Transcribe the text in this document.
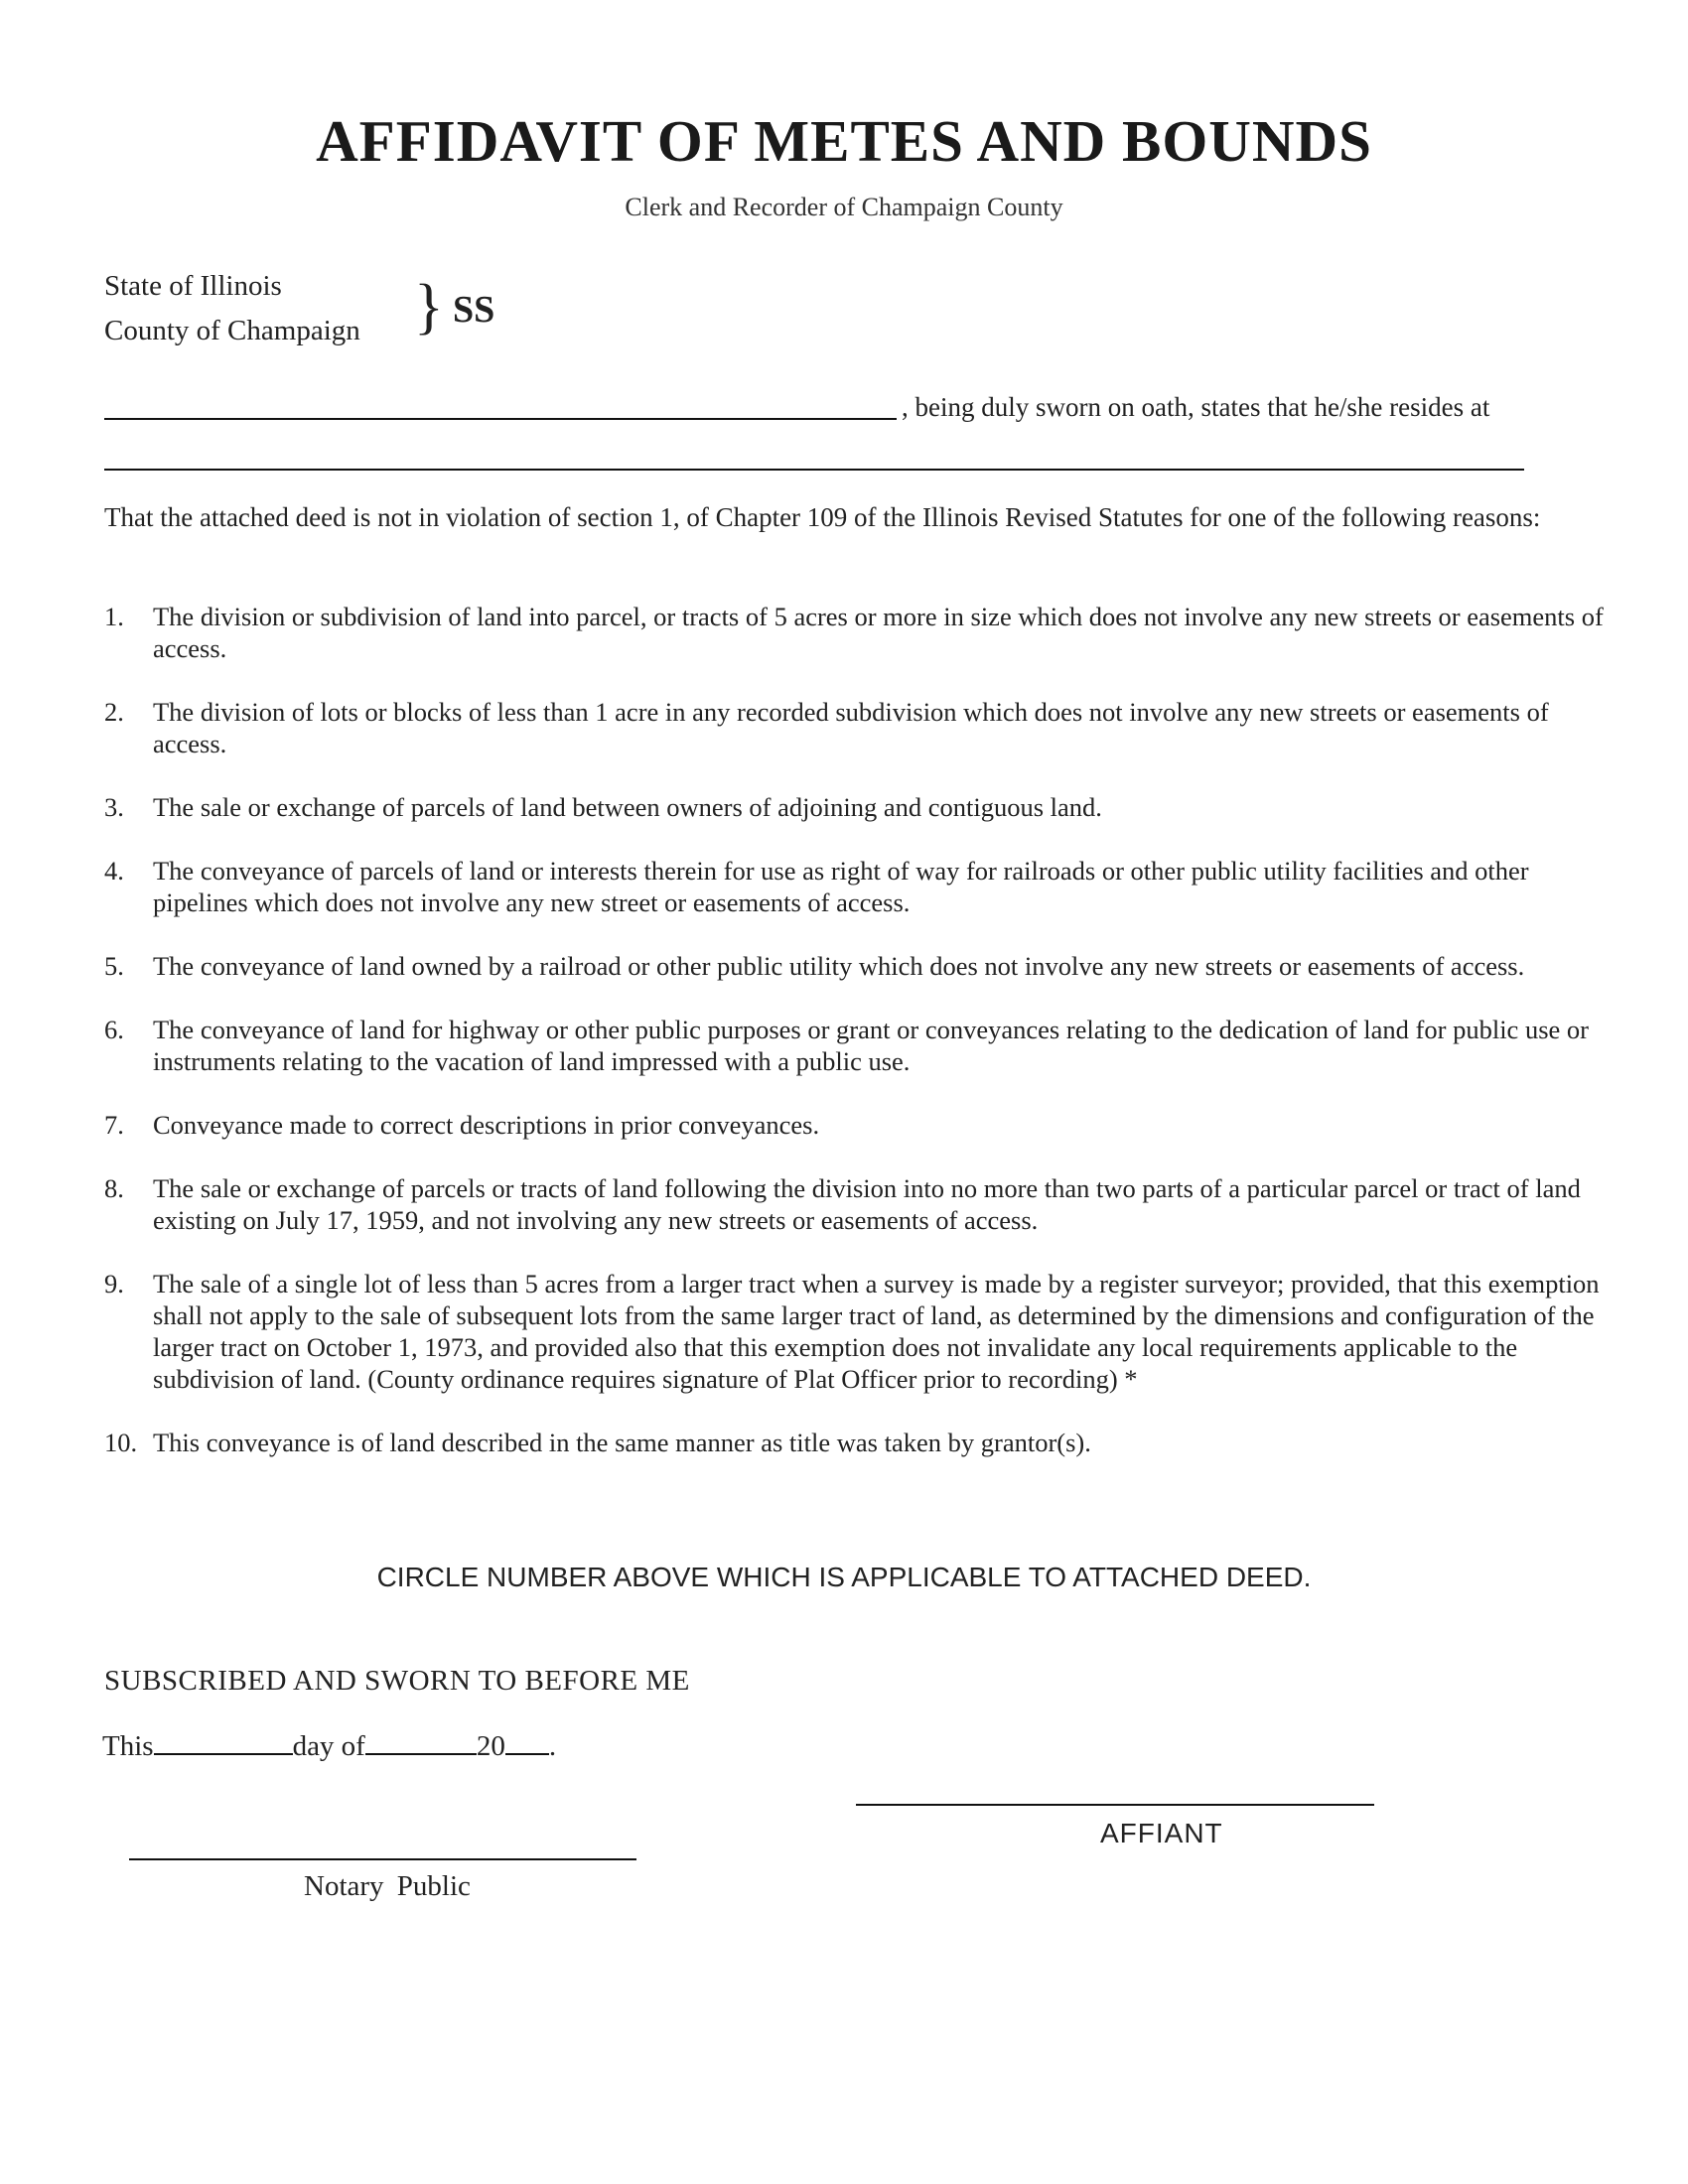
AFFIDAVIT OF METES AND BOUNDS
Clerk and Recorder of Champaign County
State of Illinois
County of Champaign } SS
, being duly sworn on oath, states that he/she resides at
That the attached deed is not in violation of section 1, of Chapter 109 of the Illinois Revised Statutes for one of the following reasons:
1. The division or subdivision of land into parcel, or tracts of 5 acres or more in size which does not involve any new streets or easements of access.
2. The division of lots or blocks of less than 1 acre in any recorded subdivision which does not involve any new streets or easements of access.
3. The sale or exchange of parcels of land between owners of adjoining and contiguous land.
4. The conveyance of parcels of land or interests therein for use as right of way for railroads or other public utility facilities and other pipelines which does not involve any new street or easements of access.
5. The conveyance of land owned by a railroad or other public utility which does not involve any new streets or easements of access.
6. The conveyance of land for highway or other public purposes or grant or conveyances relating to the dedication of land for public use or instruments relating to the vacation of land impressed with a public use.
7. Conveyance made to correct descriptions in prior conveyances.
8. The sale or exchange of parcels or tracts of land following the division into no more than two parts of a particular parcel or tract of land existing on July 17, 1959, and not involving any new streets or easements of access.
9. The sale of a single lot of less than 5 acres from a larger tract when a survey is made by a register surveyor; provided, that this exemption shall not apply to the sale of subsequent lots from the same larger tract of land, as determined by the dimensions and configuration of the larger tract on October 1, 1973, and provided also that this exemption does not invalidate any local requirements applicable to the subdivision of land. (County ordinance requires signature of Plat Officer prior to recording) *
10. This conveyance is of land described in the same manner as title was taken by grantor(s).
CIRCLE NUMBER ABOVE WHICH IS APPLICABLE TO ATTACHED DEED.
SUBSCRIBED AND SWORN TO BEFORE ME
This	day of	20 .
AFFIANT
Notary Public
